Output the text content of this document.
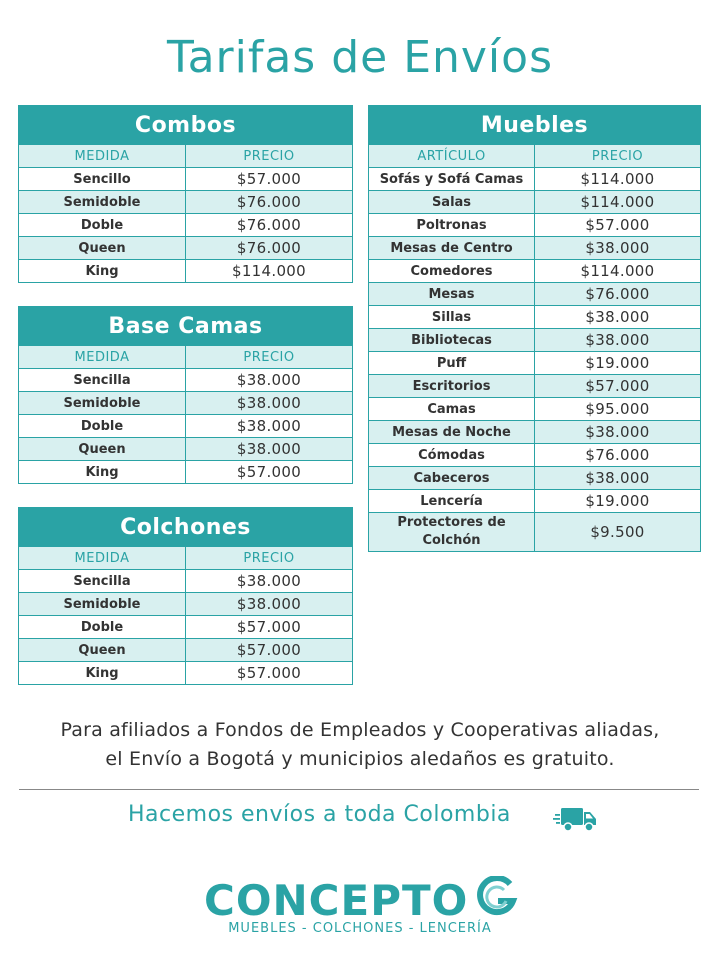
Tarifas de Envíos
Combos	
MEDIDA	PRECIO
Sencillo	$57.000
Semidoble	$76.000
Doble	$76.000
Queen	$76.000
King	$114.000
Base Camas	
MEDIDA	PRECIO
Sencilla	$38.000
Semidoble	$38.000
Doble	$38.000
Queen	$38.000
King	$57.000
Colchones	
MEDIDA	PRECIO
Sencilla	$38.000
Semidoble	$38.000
Doble	$57.000
Queen	$57.000
King	$57.000
Muebles	
ARTÍCULO	PRECIO
Sofás y Sofá Camas	$114.000
Salas	$114.000
Poltronas	$57.000
Mesas de Centro	$38.000
Comedores	$114.000
Mesas	$76.000
Sillas	$38.000
Bibliotecas	$38.000
Puff	$19.000
Escritorios	$57.000
Camas	$95.000
Mesas de Noche	$38.000
Cómodas	$76.000
Cabeceros	$38.000
Lencería	$19.000
Protectores de
Colchón	$9.500
Para afiliados a Fondos de Empleados y Cooperativas aliadas,
el Envío a Bogotá y municipios aledaños es gratuito.
Hacemos envíos a toda Colombia
CONCEPTO
MUEBLES - COLCHONES - LENCERÍA
